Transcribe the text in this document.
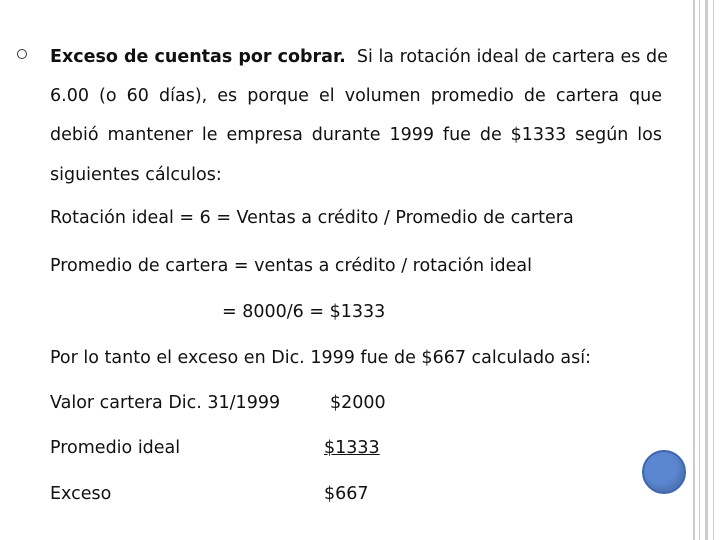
Exceso de cuentas por cobrar. Si la rotación ideal de cartera es de

6.00 (o 60 días), es porque el volumen promedio de cartera que

debió mantener le empresa durante 1999 fue de $1333 según los

siguientes cálculos:

Rotación ideal = 6 = Ventas a crédito / Promedio de cartera

Promedio de cartera = ventas a crédito / rotación ideal

= 8000/6 = $1333

Por lo tanto el exceso en Dic. 1999 fue de $667 calculado así:

Valor cartera Dic. 31/1999	$2000

Promedio ideal	$1333

Exceso	$667
